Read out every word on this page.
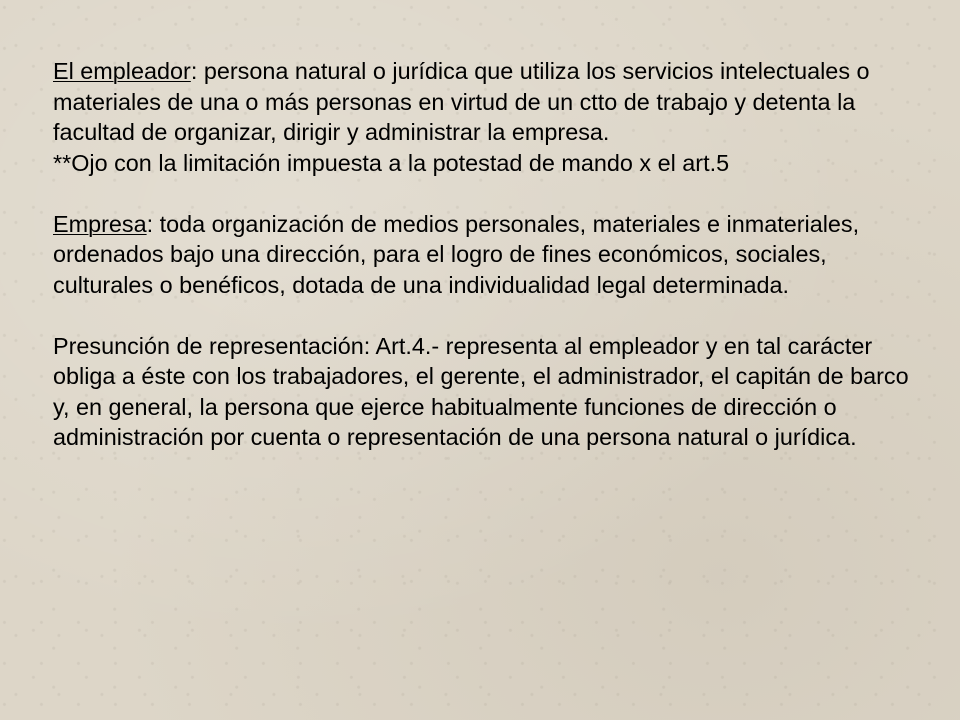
El empleador: persona natural o jurídica que utiliza los servicios intelectuales o materiales de una o más personas en virtud de un ctto de trabajo y detenta la facultad de organizar, dirigir y administrar la empresa.

**Ojo con la limitación impuesta a la potestad de mando x el art.5

Empresa: toda organización de medios personales, materiales e inmateriales, ordenados bajo una dirección, para el logro de fines económicos, sociales, culturales o benéficos, dotada de una individualidad legal determinada.

Presunción de representación: Art.4.- representa al empleador y en tal carácter obliga a éste con los trabajadores, el gerente, el administrador, el capitán de barco y, en general, la persona que ejerce habitualmente funciones de dirección o administración por cuenta o representación de una persona natural o jurídica.
